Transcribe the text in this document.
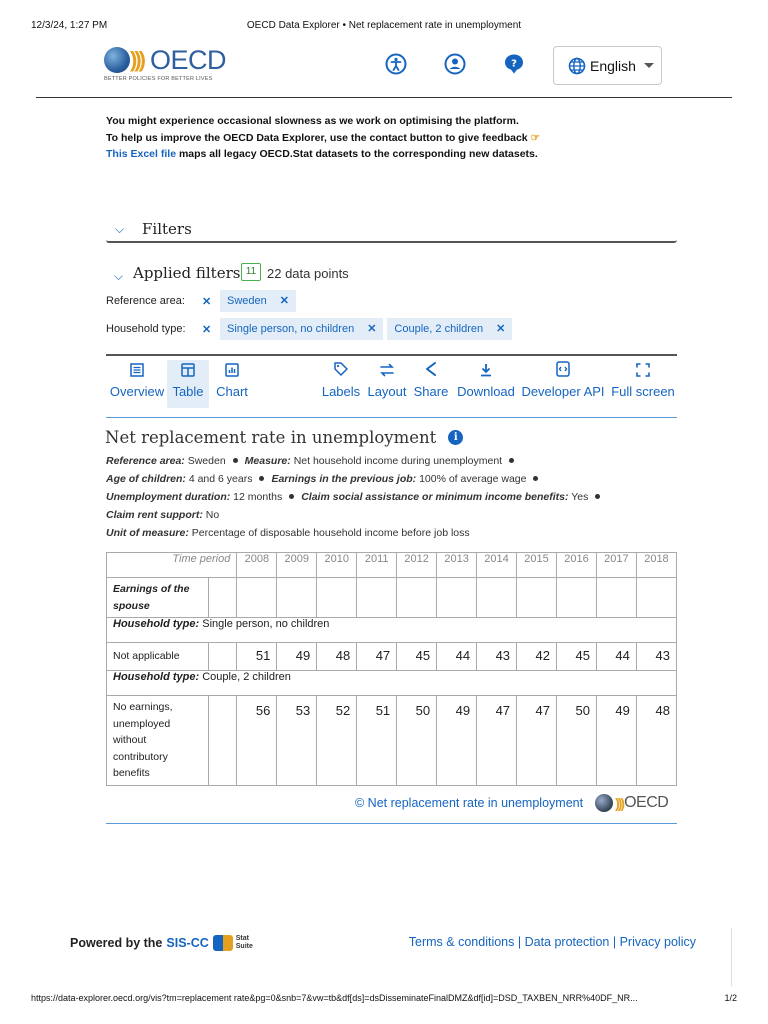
12/3/24, 1:27 PM	OECD Data Explorer • Net replacement rate in unemployment
))) OECD
BETTER POLICIES FOR BETTER LIVES
?	English
You might experience occasional slowness as we work on optimising the platform.
To help us improve the OECD Data Explorer, use the contact button to give feedback ☞
This Excel file maps all legacy OECD.Stat datasets to the corresponding new datasets.
⌵ Filters
⌵ Applied filters 11 22 data points
Reference area:	✕	Sweden ✕
Household type:	✕	Single person, no children ✕ Couple, 2 children ✕
Overview Table Chart	Labels Layout Share Download Developer API Full screen
Net replacement rate in unemployment	i
Reference area: Sweden Measure: Net household income during unemployment
Age of children: 4 and 6 years Earnings in the previous job: 100% of average wage
Unemployment duration: 12 months Claim social assistance or minimum income benefits: Yes
Claim rent support: No
Unit of measure: Percentage of disposable household income before job loss
Time period		2008	2009	2010	2011	2012	2013	2014	2015	2016	2017	2018
Earnings of the spouse												
Household type: Single person, no children												
Not applicable		51	49	48	47	45	44	43	42	45	44	43
Household type: Couple, 2 children												
No earnings, unemployed without contributory benefits		56	53	52	51	50	49	47	47	50	49	48
© Net replacement rate in unemployment ))) OECD
Powered by the SIS-CC	Stat
Suite	Terms & conditions | Data protection | Privacy policy
https://data-explorer.oecd.org/vis?tm=replacement rate&pg=0&snb=7&vw=tb&df[ds]=dsDisseminateFinalDMZ&df[id]=DSD_TAXBEN_NRR%40DF_NR...	1/2
